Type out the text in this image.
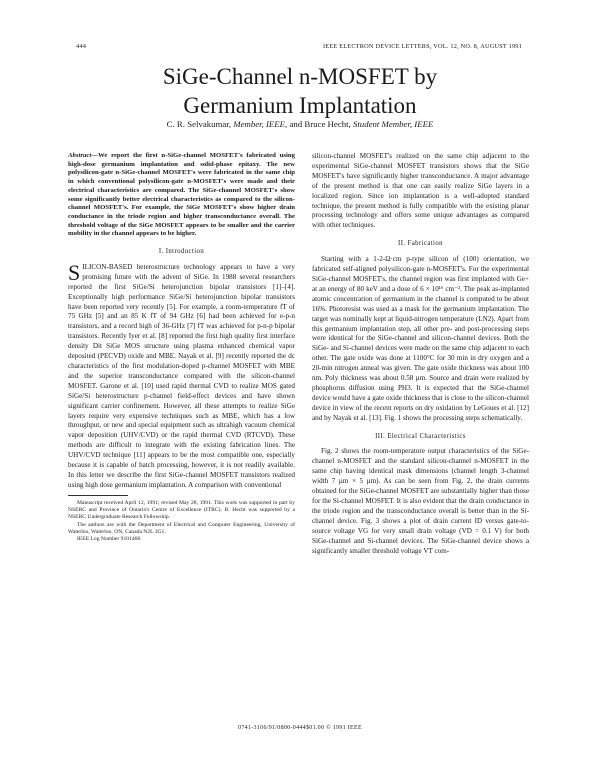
444	IEEE ELECTRON DEVICE LETTERS, VOL. 12, NO. 8, AUGUST 1991
SiGe-Channel n-MOSFET by
Germanium Implantation
C. R. Selvakumar, Member, IEEE, and Bruce Hecht, Student Member, IEEE

Abstract—We report the first n-SiGe-channel MOSFET's fabricated using high-dose germanium implantation and solid-phase epitaxy. The new polysilicon-gate n-SiGe-channel MOSFET's were fabricated in the same chip in which conventional polysilicon-gate n-MOSFET's were made and their electrical characteristics are compared. The SiGe-channel MOSFET's show some significantly better electrical characteristics as compared to the silicon-channel MOSFET's. For example, the SiGe MOSFET's show higher drain conductance in the triode region and higher transconductance overall. The threshold voltage of the SiGe MOSFET appears to be smaller and the carrier mobility in the channel appears to be higher.

I. Introduction

SILICON-BASED heterostructure technology appears to have a very promising future with the advent of SiGe. In 1988 several researchers reported the first SiGe/Si heterojunction bipolar transistors [1]–[4]. Exceptionally high performance SiGe/Si heterojunction bipolar transistors have been reported very recently [5]. For example, a room-temperature fT of 75 GHz [5] and an 85 K fT of 94 GHz [6] had been achieved for e-p-n transistors, and a record high of 36-GHz [7] fT was achieved for p-n-p bipolar transistors. Recently Iyer et al. [8] reported the first high quality first interface density Dit SiGe MOS structure using plasma enhanced chemical vapor deposited (PECVD) oxide and MBE. Nayak et al. [9] recently reported the dc characteristics of the first modulation-doped p-channel MOSFET with MBE and the superior transconductance compared with the silicon-channel MOSFET. Garone et al. [10] used rapid thermal CVD to realize MOS gated SiGe/Si heterostructure p-channel field-effect devices and have shown significant carrier confinement. However, all these attempts to realize SiGe layers require very expensive techniques such as MBE, which has a low throughput, or new and special equipment such as ultrahigh vacuum chemical vapor deposition (UHV/CVD) or the rapid thermal CVD (RTCVD). These methods are difficult to integrate with the existing fabrication lines. The UHV/CVD technique [11] appears to be the most compatible one, especially because it is capable of batch processing, however, it is not readily available. In this letter we describe the first SiGe-channel MOSFET transistors realized using high dose germanium implantation. A comparison with conventional

Manuscript received April 12, 1991; revised May 28, 1991. This work was supported in part by NSERC and Province of Ontario's Centre of Excellence (ITRC). B. Hecht was supported by a NSERC Undergraduate Research Fellowship.

The authors are with the Department of Electrical and Computer Engineering, University of Waterloo, Waterloo, ON, Canada N2L 3G1.

IEEE Log Number 9101468.

silicon-channel MOSFET's realized on the same chip adjacent to the experimental SiGe-channel MOSFET transistors shows that the SiGe MOSFET's have significantly higher transconductance. A major advantage of the present method is that one can easily realize SiGe layers in a localized region. Since ion implantation is a well-adopted standard technique, the present method is fully compatible with the existing planar processing technology and offers some unique advantages as compared with other techniques.

II. Fabrication

Starting with a 1-2-Ω·cm p-type silicon of (100) orientation, we fabricated self-aligned polysilicon-gate n-MOSFET's. For the experimental SiGe-channel MOSFET's, the channel region was first implanted with Ge+ at an energy of 80 keV and a dose of 6 × 10¹⁶ cm⁻². The peak as-implanted atomic concentration of germanium in the channel is computed to be about 16%. Photoresist was used as a mask for the germanium implantation. The target was nominally kept at liquid-nitrogen temperature (LN2). Apart from this germanium implantation step, all other pre- and post-processing steps were identical for the SiGe-channel and silicon-channel devices. Both the SiGe- and Si-channel devices were made on the same chip adjacent to each other. The gate oxide was done at 1100°C for 30 min in dry oxygen and a 20-min nitrogen anneal was given. The gate oxide thickness was about 100 nm. Poly thickness was about 0.58 µm. Source and drain were realized by phosphorus diffusion using PH3. It is expected that the SiGe-channel device would have a gate oxide thickness that is close to the silicon-channel device in view of the recent reports on dry oxidation by LeGoues et al. [12] and by Nayak et al. [13]. Fig. 1 shows the processing steps schematically.

III. Electrical Characteristics

Fig. 2 shows the room-temperature output characteristics of the SiGe-channel n-MOSFET and the standard silicon-channel n-MOSFET in the same chip having identical mask dimensions (channel length 3-channel width 7 µm × 5 µm). As can be seen from Fig. 2, the drain currents obtained for the SiGe-channel MOSFET are substantially higher than those for the Si-channel MOSFET. It is also evident that the drain conductance in the triode region and the transconductance overall is better than in the Si-channel device. Fig. 3 shows a plot of drain current ID versus gate-to-source voltage VG for very small drain voltage (VD = 0.1 V) for both SiGe-channel and Si-channel devices. The SiGe-channel device shows a significantly smaller threshold voltage VT com-

0741-3106/91/0800-0444$01.00 © 1991 IEEE
